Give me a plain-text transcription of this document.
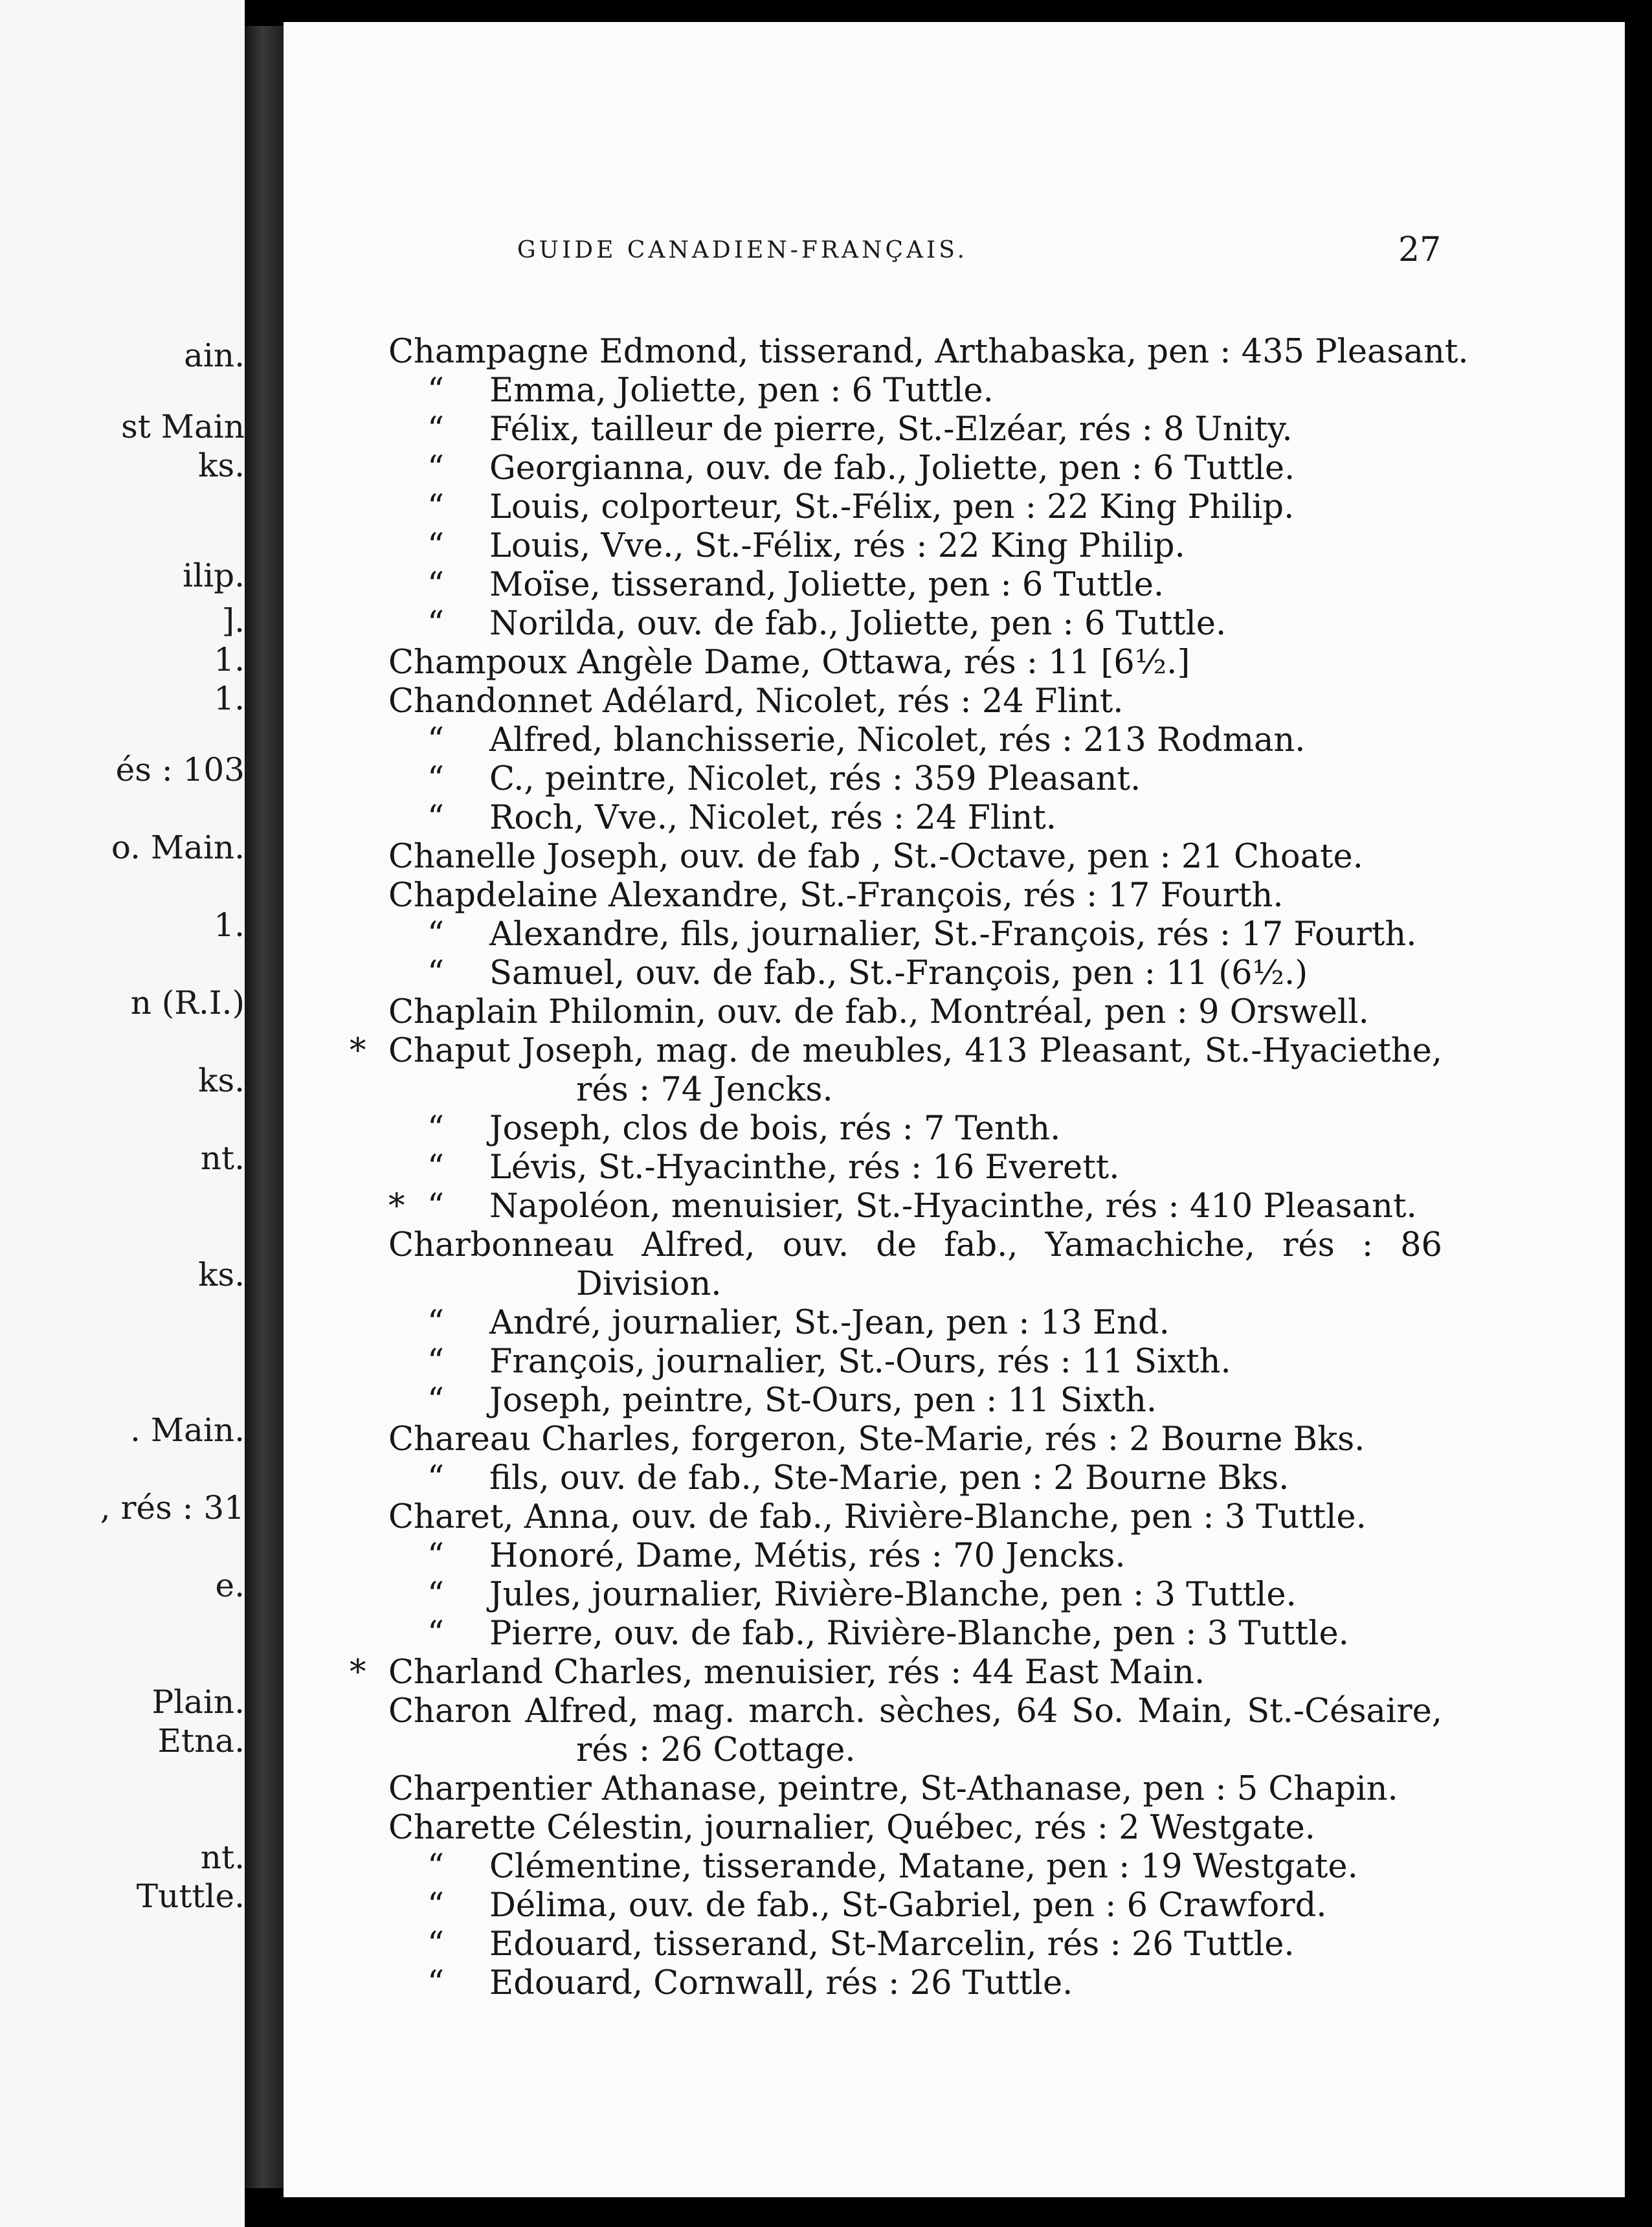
ain.
st Main
ks.
ilip.
].
1.
1.
és : 103
o. Main.
1.
n (R.I.)
ks.
nt.
ks.
. Main.
, rés : 31
e.
Plain.
Etna.
nt.
Tuttle.
GUIDE CANADIEN-FRANÇAIS.	27
Champagne Edmond, tisserand, Arthabaska, pen : 435 Pleasant.
“ Emma, Joliette, pen : 6 Tuttle.
“ Félix, tailleur de pierre, St.-Elzéar, rés : 8 Unity.
“ Georgianna, ouv. de fab., Joliette, pen : 6 Tuttle.
“ Louis, colporteur, St.-Félix, pen : 22 King Philip.
“ Louis, Vve., St.-Félix, rés : 22 King Philip.
“ Moïse, tisserand, Joliette, pen : 6 Tuttle.
“ Norilda, ouv. de fab., Joliette, pen : 6 Tuttle.
Champoux Angèle Dame, Ottawa, rés : 11 [6½.]
Chandonnet Adélard, Nicolet, rés : 24 Flint.
“ Alfred, blanchisserie, Nicolet, rés : 213 Rodman.
“ C., peintre, Nicolet, rés : 359 Pleasant.
“ Roch, Vve., Nicolet, rés : 24 Flint.
Chanelle Joseph, ouv. de fab , St.-Octave, pen : 21 Choate.
Chapdelaine Alexandre, St.-François, rés : 17 Fourth.
“ Alexandre, fils, journalier, St.-François, rés : 17 Fourth.
“ Samuel, ouv. de fab., St.-François, pen : 11 (6½.)
Chaplain Philomin, ouv. de fab., Montréal, pen : 9 Orswell.
* Chaput Joseph, mag. de meubles, 413 Pleasant, St.-Hyaciethe,
rés : 74 Jencks.
“ Joseph, clos de bois, rés : 7 Tenth.
“ Lévis, St.-Hyacinthe, rés : 16 Everett.
* “ Napoléon, menuisier, St.-Hyacinthe, rés : 410 Pleasant.
Charbonneau Alfred, ouv. de fab., Yamachiche, rés : 86
Division.
“ André, journalier, St.-Jean, pen : 13 End.
“ François, journalier, St.-Ours, rés : 11 Sixth.
“ Joseph, peintre, St-Ours, pen : 11 Sixth.
Chareau Charles, forgeron, Ste-Marie, rés : 2 Bourne Bks.
“ fils, ouv. de fab., Ste-Marie, pen : 2 Bourne Bks.
Charet, Anna, ouv. de fab., Rivière-Blanche, pen : 3 Tuttle.
“ Honoré, Dame, Métis, rés : 70 Jencks.
“ Jules, journalier, Rivière-Blanche, pen : 3 Tuttle.
“ Pierre, ouv. de fab., Rivière-Blanche, pen : 3 Tuttle.
* Charland Charles, menuisier, rés : 44 East Main.
Charon Alfred, mag. march. sèches, 64 So. Main, St.-Césaire,
rés : 26 Cottage.
Charpentier Athanase, peintre, St-Athanase, pen : 5 Chapin.
Charette Célestin, journalier, Québec, rés : 2 Westgate.
“ Clémentine, tisserande, Matane, pen : 19 Westgate.
“ Délima, ouv. de fab., St-Gabriel, pen : 6 Crawford.
“ Edouard, tisserand, St-Marcelin, rés : 26 Tuttle.
“ Edouard, Cornwall, rés : 26 Tuttle.
